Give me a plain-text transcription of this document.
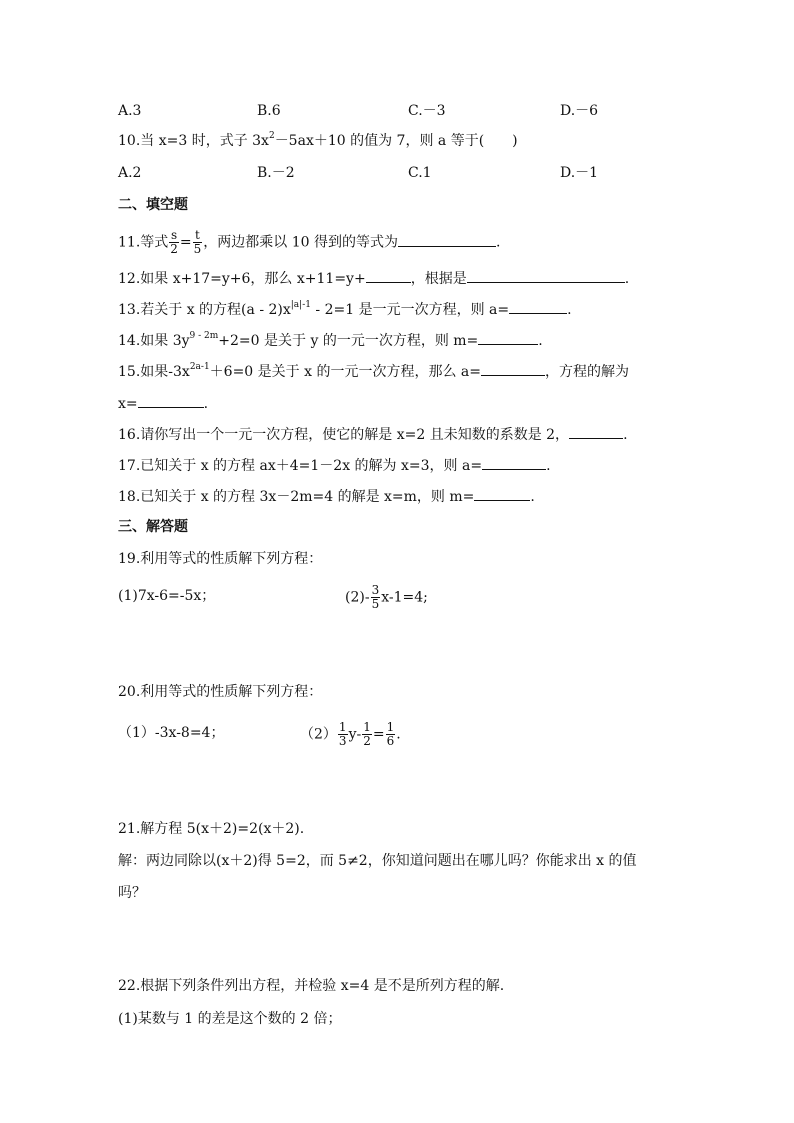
A.3	B.6	C.－3	D.－6
10.当 x=3 时，式子 $3x^2-5ax+10$ 的值为 7，则 a 等于(　　)
A.2	B.－2	C.1	D.－1
二、填空题
11.等式 $\frac{s}{2} = \frac{t}{5}$ ，两边都乘以 10 得到的等式为	.
12.如果 x+17=y+6，那么 x+11=y+	，根据是	.
13.若关于 x 的方程$(a - 2)x^{|a|-1} - 2=1$ 是一元一次方程，则 a=	.
14.如果 $3y^{9 - 2m}+2=0$ 是关于 y 的一元一次方程，则 m=	.
15.如果$-3x^{2a-1}+6=0$ 是关于 x 的一元一次方程，那么 a=	，方程的解为
x=	.
16.请你写出一个一元一次方程，使它的解是 x=2 且未知数的系数是 2，	.
17.已知关于 x 的方程 ax＋4=1－2x 的解为 x=3，则 a=	.
18.已知关于 x 的方程 3x－2m=4 的解是 x=m，则 m=	.
三、解答题
19.利用等式的性质解下列方程：
(1)7x-6=-5x；	$(2)- \frac{3}{5} x-1=4$;
20.利用等式的性质解下列方程：
（1）-3x-8=4；	$(2) \frac{1}{3} y- \frac{1}{2} = \frac{1}{6}$ .
21.解方程 5(x＋2)=2(x＋2).
解：两边同除以(x＋2)得 5=2，而 5≠2，你知道问题出在哪儿吗？你能求出 x 的值
吗？
22.根据下列条件列出方程，并检验 x=4 是不是所列方程的解.
(1)某数与 1 的差是这个数的 2 倍；
